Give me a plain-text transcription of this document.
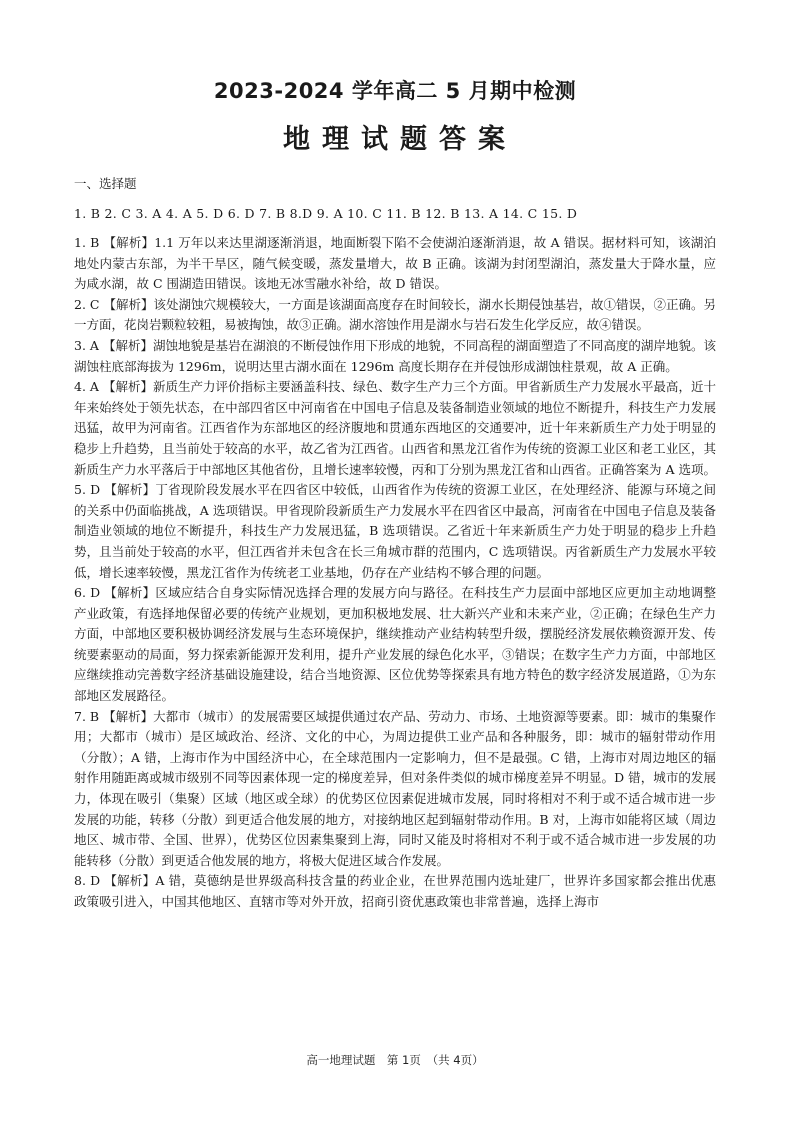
2023-2024 学年高二 5 月期中检测
地理试题答案
一、选择题
1. B 2. C 3. A 4. A 5. D 6. D 7. B 8.D 9. A 10. C 11. B 12. B 13. A 14. C 15. D

1. B 【解析】1.1 万年以来达里湖逐渐消退，地面断裂下陷不会使湖泊逐渐消退，故 A 错误。据材料可知，该湖泊地处内蒙古东部，为半干旱区，随气候变暖，蒸发量增大，故 B 正确。该湖为封闭型湖泊，蒸发量大于降水量，应为咸水湖，故 C 围湖造田错误。该地无冰雪融水补给，故 D 错误。

2. C 【解析】该处湖蚀穴规模较大，一方面是该湖面高度存在时间较长，湖水长期侵蚀基岩，故①错误，②正确。另一方面，花岗岩颗粒较粗，易被掏蚀，故③正确。湖水溶蚀作用是湖水与岩石发生化学反应，故④错误。

3. A 【解析】湖蚀地貌是基岩在湖浪的不断侵蚀作用下形成的地貌，不同高程的湖面塑造了不同高度的湖岸地貌。该湖蚀柱底部海拔为 1296m，说明达里古湖水面在 1296m 高度长期存在并侵蚀形成湖蚀柱景观，故 A 正确。

4. A 【解析】新质生产力评价指标主要涵盖科技、绿色、数字生产力三个方面。甲省新质生产力发展水平最高，近十年来始终处于领先状态，在中部四省区中河南省在中国电子信息及装备制造业领域的地位不断提升，科技生产力发展迅猛，故甲为河南省。江西省作为东部地区的经济腹地和贯通东西地区的交通要冲，近十年来新质生产力处于明显的稳步上升趋势，且当前处于较高的水平，故乙省为江西省。山西省和黑龙江省作为传统的资源工业区和老工业区，其新质生产力水平落后于中部地区其他省份，且增长速率较慢，丙和丁分别为黑龙江省和山西省。正确答案为 A 选项。

5. D 【解析】丁省现阶段发展水平在四省区中较低，山西省作为传统的资源工业区，在处理经济、能源与环境之间的关系中仍面临挑战，A 选项错误。甲省现阶段新质生产力发展水平在四省区中最高，河南省在中国电子信息及装备制造业领域的地位不断提升，科技生产力发展迅猛，B 选项错误。乙省近十年来新质生产力处于明显的稳步上升趋势，且当前处于较高的水平，但江西省并未包含在长三角城市群的范围内，C 选项错误。丙省新质生产力发展水平较低，增长速率较慢，黑龙江省作为传统老工业基地，仍存在产业结构不够合理的问题。

6. D 【解析】区域应结合自身实际情况选择合理的发展方向与路径。在科技生产力层面中部地区应更加主动地调整产业政策，有选择地保留必要的传统产业规划，更加积极地发展、壮大新兴产业和未来产业，②正确；在绿色生产力方面，中部地区要积极协调经济发展与生态环境保护，继续推动产业结构转型升级，摆脱经济发展依赖资源开发、传统要素驱动的局面，努力探索新能源开发利用，提升产业发展的绿色化水平，③错误；在数字生产力方面，中部地区应继续推动完善数字经济基础设施建设，结合当地资源、区位优势等探索具有地方特色的数字经济发展道路，①为东部地区发展路径。

7. B 【解析】大都市（城市）的发展需要区域提供通过农产品、劳动力、市场、土地资源等要素。即：城市的集聚作用；大都市（城市）是区域政治、经济、文化的中心，为周边提供工业产品和各种服务，即：城市的辐射带动作用（分散）；A 错，上海市作为中国经济中心，在全球范围内一定影响力，但不是最强。C 错，上海市对周边地区的辐射作用随距离或城市级别不同等因素体现一定的梯度差异，但对条件类似的城市梯度差异不明显。D 错，城市的发展力，体现在吸引（集聚）区域（地区或全球）的优势区位因素促进城市发展，同时将相对不利于或不适合城市进一步发展的功能，转移（分散）到更适合他发展的地方，对接纳地区起到辐射带动作用。B 对，上海市如能将区域（周边地区、城市带、全国、世界），优势区位因素集聚到上海，同时又能及时将相对不利于或不适合城市进一步发展的功能转移（分散）到更适合他发展的地方，将极大促进区域合作发展。

8. D 【解析】A 错，莫德纳是世界级高科技含量的药业企业，在世界范围内选址建厂，世界许多国家都会推出优惠政策吸引进入，中国其他地区、直辖市等对外开放，招商引资优惠政策也非常普遍，选择上海市

高一地理试题　第 1页　（共 4页）
